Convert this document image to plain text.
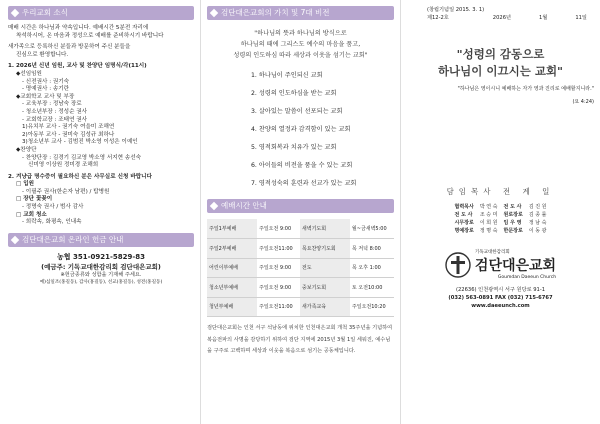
우리교회 소식
매배 시간은 하나님과 약속입니다. 예배시간 5분전 자리에
착석하시어, 온 마음과 정성으로 예배를 준비하시기 바랍니다
새가족으로 등록하신 분들과 방문하여 주신 분들을
진심으로 환영합니다.
1. 2026년 신년 임원, 교사 및 찬양단 임명식/각(11시)
◆선임임원
- 신전권사 : 권기숙
- 명예권사 : 송기란
◆교회학교 교사 및 부장
- 교육부장 : 정남숙 장로
- 청소년부장 : 정성순 권사
- 교회학교장 : 조태연 권사
1)유치부 교사 - 권기숙 여을미 조해연
2)아동부 교사 - 권미숙 김성규 최하나
3)청소년부 교사 - 김범진 박소영 이성은 이예인
◆찬양단
- 찬양단장 : 김경기 김교영 박소영 서지현 송선숙
신미영 이상원 정미경 조해희
2. 겨냥급 명수증이 필요하신 분은 사무실로 신청 바랍니다
□ 입원
- 이필주 권사(한순자 남편) / 탑병원
□ 장단 꽃꽂이
- 정명숙 권사 / 범사 감사
□ 교회 청소
- 희락속, 화평속, 인내속
검단대은교회 온라인 헌금 안내
농협 351-0921-5829-83
(예금주: 기독교대한감리회 검단대은교회)
※헌금종류와 성함을 기재해 주세요.
예)십일조(홍길동), 감사(홍길동), 선교(홍길동), 성전(홍길동)
검단대은교회의 가치 및 7대 비전
"하나님의 뜻과 하나님의 방식으로
하나님의 때에 그리스도 예수의 마음을 품고,
성령의 인도하심 따라 세상과 이웃을 섬기는 교회"
1. 하나님이 주인되신 교회
2. 성령의 인도하심을 받는 교회
3. 살아있는 말씀이 선포되는 교회
4. 찬양의 열정과 감격함이 있는 교회
5. 영적회복과 치유가 있는 교회
6. 아이들의 비전을 품을 수 있는 교회
7. 영적성숙의 훈련과 선교가 있는 교회
예배시간 안내
주일1부예배	주일오전 9:00	새벽기도회	월~금새벽5:00
주일2부예배	주일오전11:00	목요찬양기도회	목 저녁 8:00
어린이부예배	주일오전 9:00	전도	목 오후 1:00
청소년부예배	주일오전 9:00	중보기도회	토 오전10:00
청년부예배	주일오전11:00	새가족교육	주일오전10:20
검단대은교회는 인천 서구 석남동에 위치한 인천대은교회 개척 35주년을 기념하여 복음전파의 사명을 감당하기 위하여 검단 지역에 2015년 3월 1일 세워진, 예수님을 구주로 고백하며 세상과 이웃을 복음으로 섬기는 공동체입니다.
(창립기념일 2015. 3. 1)
제12-2호	2026년	1월	11일
"성령의 감동으로
하나님이 이끄시는 교회"
"하나님은 영이시니 예배하는 자가 영과 진리로 예배할지니라."
(요 4:24)
담임목사 전 계 일
협력목사	박 연 숙	전 도 사	김 진 원
전 도 사	조 승 미	원로장로	김 종 률
시무장로	이 희 원	임 우 영	정 남 숙
명예장로	정 명 숙	한문장로	이 동 광
기독교대한감리회
검단대은교회
Goumdan Daeeun Church
(22636) 인천광역시 서구 원당로 91-1
(032) 563-0891 FAX (032) 715-6767
www.daeeunch.com
